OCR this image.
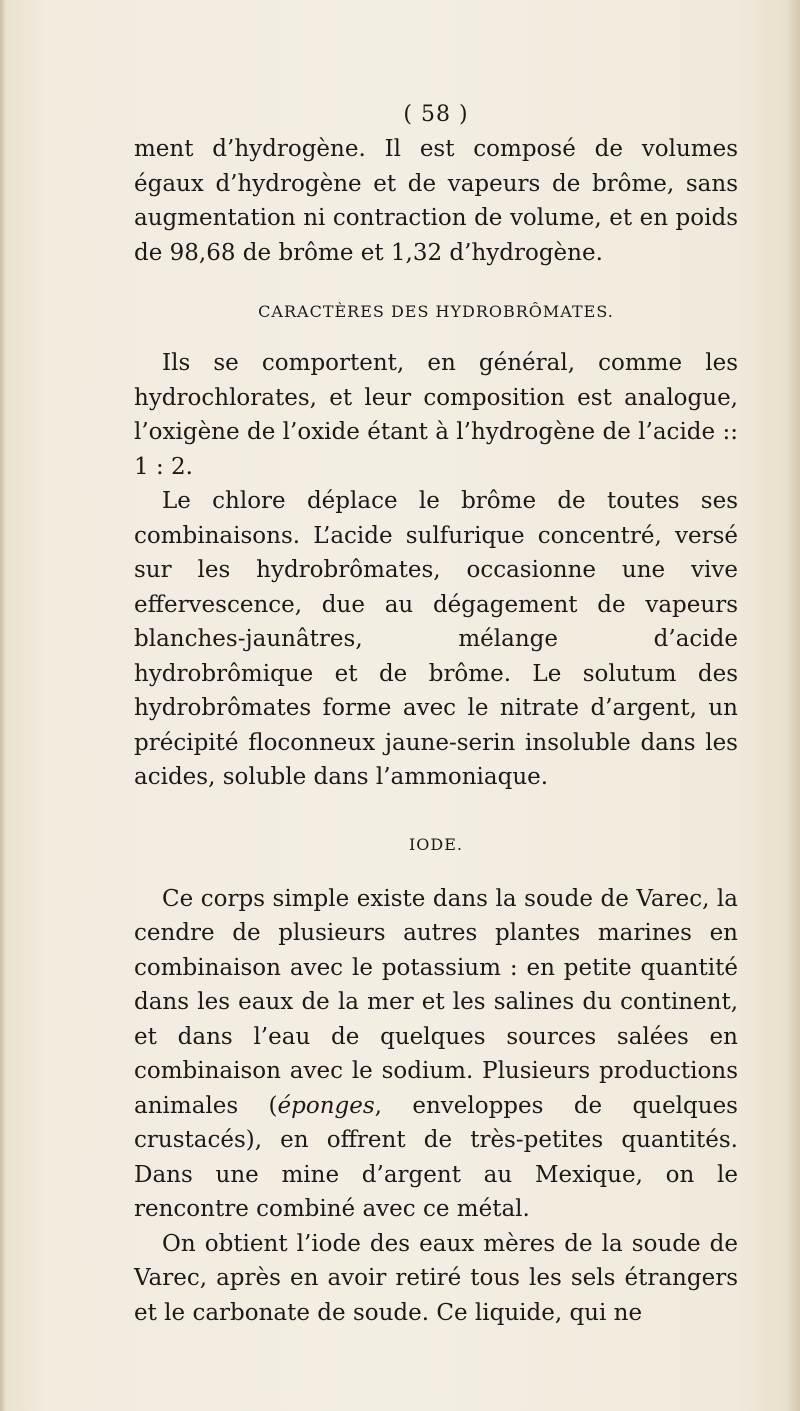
( 58 )

ment d’hydrogène. Il est composé de volumes égaux d’hydrogène et de vapeurs de brôme, sans augmentation ni contraction de volume, et en poids de 98,68 de brôme et 1,32 d’hydrogène.

CARACTÈRES DES HYDROBRÔMATES.

Ils se comportent, en général, comme les hydrochlorates, et leur composition est analogue, l’oxigène de l’oxide étant à l’hydrogène de l’acide :: 1 : 2.

Le chlore déplace le brôme de toutes ses combinaisons. L’acide sulfurique concentré, versé sur les hydrobrômates, occasionne une vive effervescence, due au dégagement de vapeurs blanches-jaunâtres, mélange d’acide hydrobrômique et de brôme. Le solutum des hydrobrômates forme avec le nitrate d’argent, un précipité floconneux jaune-serin insoluble dans les acides, soluble dans l’ammoniaque.

IODE.

Ce corps simple existe dans la soude de Varec, la cendre de plusieurs autres plantes marines en combinaison avec le potassium : en petite quantité dans les eaux de la mer et les salines du continent, et dans l’eau de quelques sources salées en combinaison avec le sodium. Plusieurs productions animales (éponges, enveloppes de quelques crustacés), en offrent de très-petites quantités. Dans une mine d’argent au Mexique, on le rencontre combiné avec ce métal.

On obtient l’iode des eaux mères de la soude de Varec, après en avoir retiré tous les sels étrangers et le carbonate de soude. Ce liquide, qui ne
